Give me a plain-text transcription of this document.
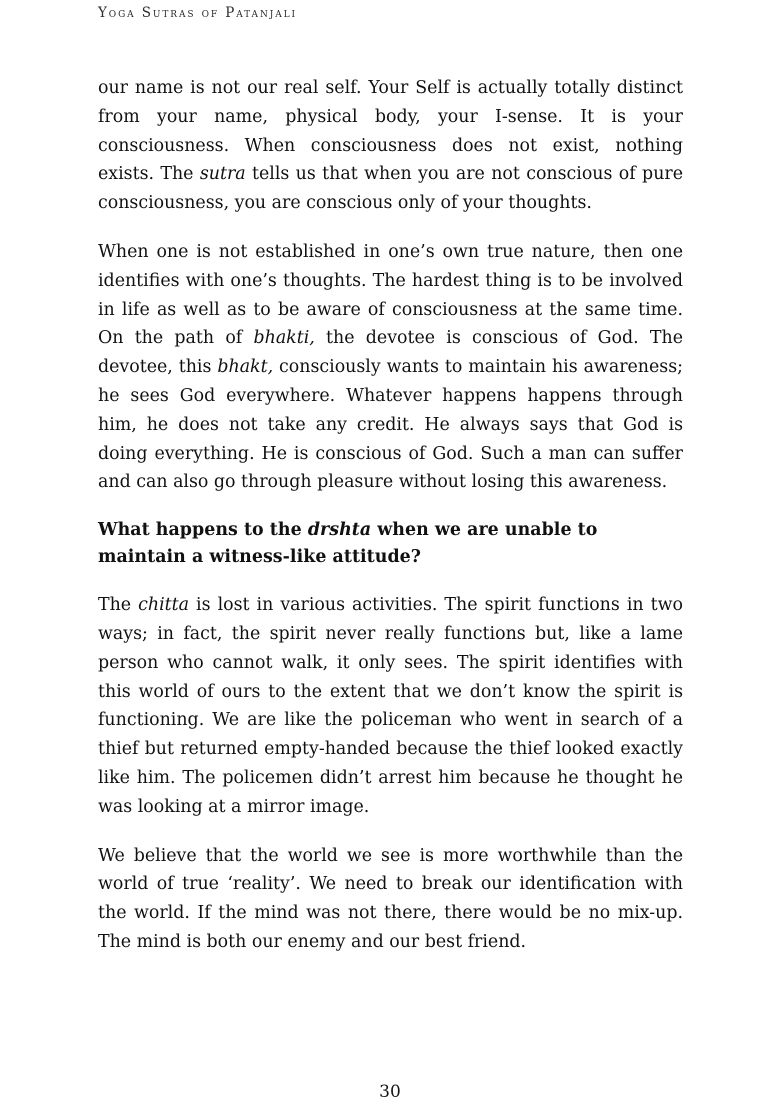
Yoga Sutras of Patanjali

our name is not our real self. Your Self is actually totally distinct from your name, physical body, your I-sense. It is your consciousness. When consciousness does not exist, nothing exists. The sutra tells us that when you are not conscious of pure consciousness, you are conscious only of your thoughts.

When one is not established in one’s own true nature, then one identifies with one’s thoughts. The hardest thing is to be involved in life as well as to be aware of consciousness at the same time. On the path of bhakti, the devotee is conscious of God. The devotee, this bhakt, consciously wants to maintain his awareness; he sees God everywhere. Whatever happens happens through him, he does not take any credit. He always says that God is doing everything. He is conscious of God. Such a man can suffer and can also go through pleasure without losing this awareness.

What happens to the drshta when we are unable to maintain a witness-like attitude?

The chitta is lost in various activities. The spirit functions in two ways; in fact, the spirit never really functions but, like a lame person who cannot walk, it only sees. The spirit identifies with this world of ours to the extent that we don’t know the spirit is functioning. We are like the policeman who went in search of a thief but returned empty-handed because the thief looked exactly like him. The policemen didn’t arrest him because he thought he was looking at a mirror image.

We believe that the world we see is more worthwhile than the world of true ‘reality’. We need to break our identification with the world. If the mind was not there, there would be no mix-up. The mind is both our enemy and our best friend.

30
